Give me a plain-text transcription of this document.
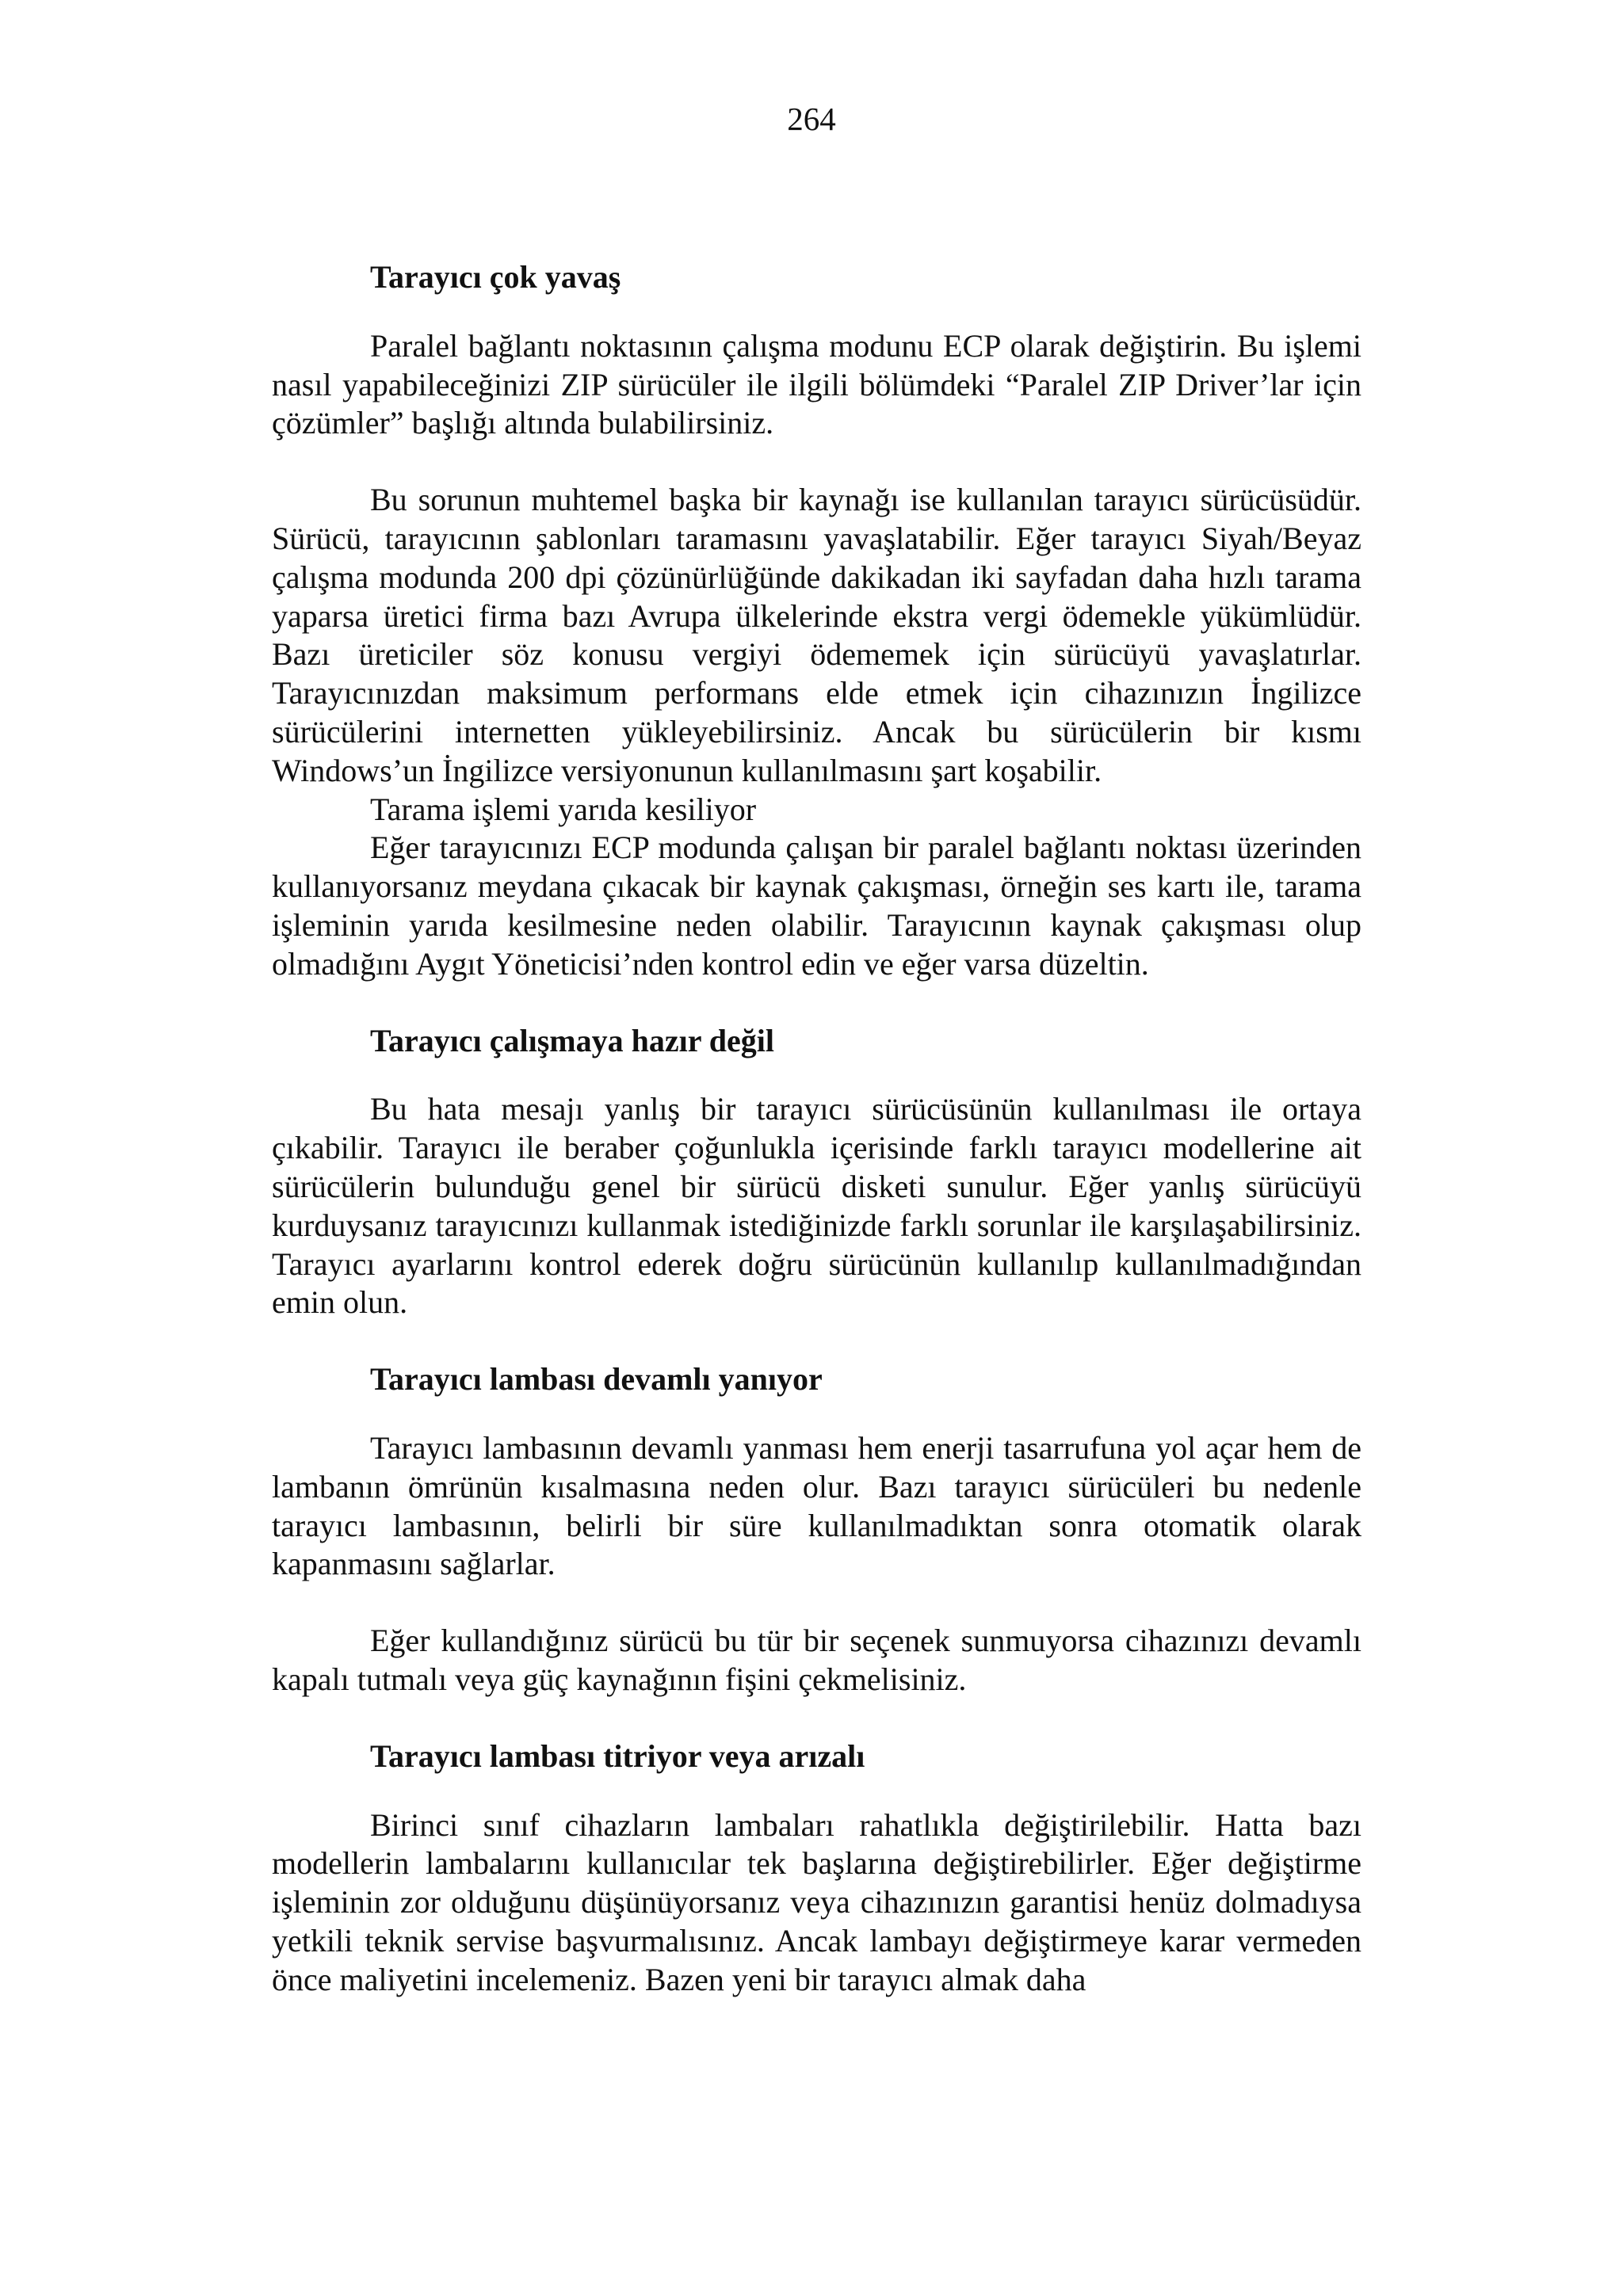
264
Tarayıcı çok yavaş

Paralel bağlantı noktasının çalışma modunu ECP olarak değiştirin. Bu işlemi nasıl yapabileceğinizi ZIP sürücüler ile ilgili bölümdeki “Paralel ZIP Driver’lar için çözümler” başlığı altında bulabilirsiniz.

Bu sorunun muhtemel başka bir kaynağı ise kullanılan tarayıcı sürücüsüdür. Sürücü, tarayıcının şablonları taramasını yavaşlatabilir. Eğer tarayıcı Siyah/Beyaz çalışma modunda 200 dpi çözünürlüğünde dakikadan iki sayfadan daha hızlı tarama yaparsa üretici firma bazı Avrupa ülkelerinde ekstra vergi ödemekle yükümlüdür. Bazı üreticiler söz konusu vergiyi ödememek için sürücüyü yavaşlatırlar. Tarayıcınızdan maksimum performans elde etmek için cihazınızın İngilizce sürücülerini internetten yükleyebilirsiniz. Ancak bu sürücülerin bir kısmı Windows’un İngilizce versiyonunun kullanılmasını şart koşabilir.

Tarama işlemi yarıda kesiliyor

Eğer tarayıcınızı ECP modunda çalışan bir paralel bağlantı noktası üzerinden kullanıyorsanız meydana çıkacak bir kaynak çakışması, örneğin ses kartı ile, tarama işleminin yarıda kesilmesine neden olabilir. Tarayıcının kaynak çakışması olup olmadığını Aygıt Yöneticisi’nden kontrol edin ve eğer varsa düzeltin.

Tarayıcı çalışmaya hazır değil

Bu hata mesajı yanlış bir tarayıcı sürücüsünün kullanılması ile ortaya çıkabilir. Tarayıcı ile beraber çoğunlukla içerisinde farklı tarayıcı modellerine ait sürücülerin bulunduğu genel bir sürücü disketi sunulur. Eğer yanlış sürücüyü kurduysanız tarayıcınızı kullanmak istediğinizde farklı sorunlar ile karşılaşabilirsiniz. Tarayıcı ayarlarını kontrol ederek doğru sürücünün kullanılıp kullanılmadığından emin olun.

Tarayıcı lambası devamlı yanıyor

Tarayıcı lambasının devamlı yanması hem enerji tasarrufuna yol açar hem de lambanın ömrünün kısalmasına neden olur. Bazı tarayıcı sürücüleri bu nedenle tarayıcı lambasının, belirli bir süre kullanılmadıktan sonra otomatik olarak kapanmasını sağlarlar.

Eğer kullandığınız sürücü bu tür bir seçenek sunmuyorsa cihazınızı devamlı kapalı tutmalı veya güç kaynağının fişini çekmelisiniz.

Tarayıcı lambası titriyor veya arızalı

Birinci sınıf cihazların lambaları rahatlıkla değiştirilebilir. Hatta bazı modellerin lambalarını kullanıcılar tek başlarına değiştirebilirler. Eğer değiştirme işleminin zor olduğunu düşünüyorsanız veya cihazınızın garantisi henüz dolmadıysa yetkili teknik servise başvurmalısınız. Ancak lambayı değiştirmeye karar vermeden önce maliyetini incelemeniz. Bazen yeni bir tarayıcı almak daha
